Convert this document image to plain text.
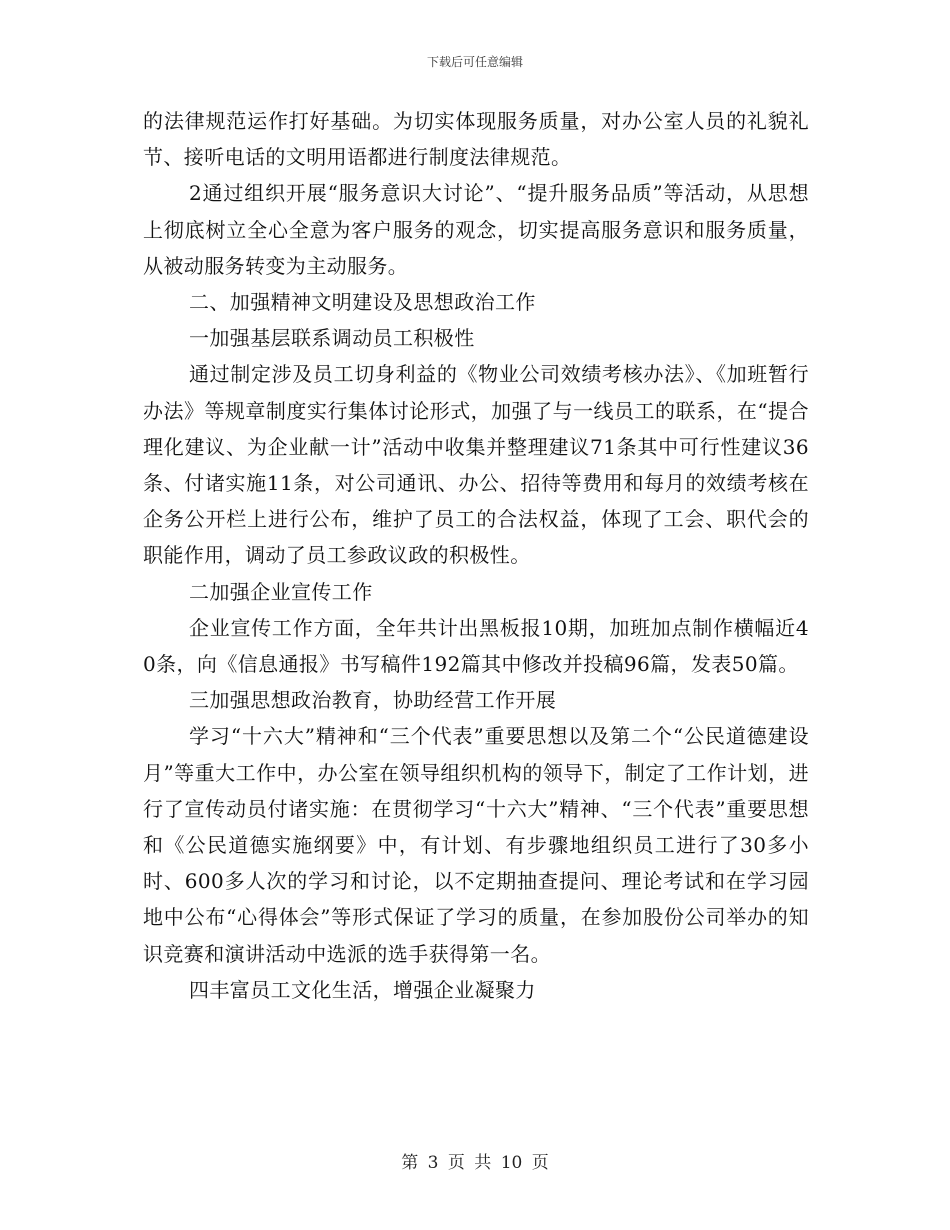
下载后可任意编辑

的法律规范运作打好基础。为切实体现服务质量，对办公室人员的礼貌礼节、接听电话的文明用语都进行制度法律规范。

2通过组织开展“服务意识大讨论”、“提升服务品质”等活动，从思想上彻底树立全心全意为客户服务的观念，切实提高服务意识和服务质量，从被动服务转变为主动服务。

二、加强精神文明建设及思想政治工作

一加强基层联系调动员工积极性

通过制定涉及员工切身利益的《物业公司效绩考核办法》、《加班暂行办法》等规章制度实行集体讨论形式，加强了与一线员工的联系，在“提合理化建议、为企业献一计”活动中收集并整理建议71条其中可行性建议36条、付诸实施11条，对公司通讯、办公、招待等费用和每月的效绩考核在企务公开栏上进行公布，维护了员工的合法权益，体现了工会、职代会的职能作用，调动了员工参政议政的积极性。

二加强企业宣传工作

企业宣传工作方面，全年共计出黑板报10期，加班加点制作横幅近40条，向《信息通报》书写稿件192篇其中修改并投稿96篇，发表50篇。

三加强思想政治教育，协助经营工作开展

学习“十六大”精神和“三个代表”重要思想以及第二个“公民道德建设月”等重大工作中，办公室在领导组织机构的领导下，制定了工作计划，进行了宣传动员付诸实施：在贯彻学习“十六大”精神、“三个代表”重要思想和《公民道德实施纲要》中，有计划、有步骤地组织员工进行了30多小时、600多人次的学习和讨论，以不定期抽查提问、理论考试和在学习园地中公布“心得体会”等形式保证了学习的质量，在参加股份公司举办的知识竞赛和演讲活动中选派的选手获得第一名。

四丰富员工文化生活，增强企业凝聚力

第 3 页 共 10 页
